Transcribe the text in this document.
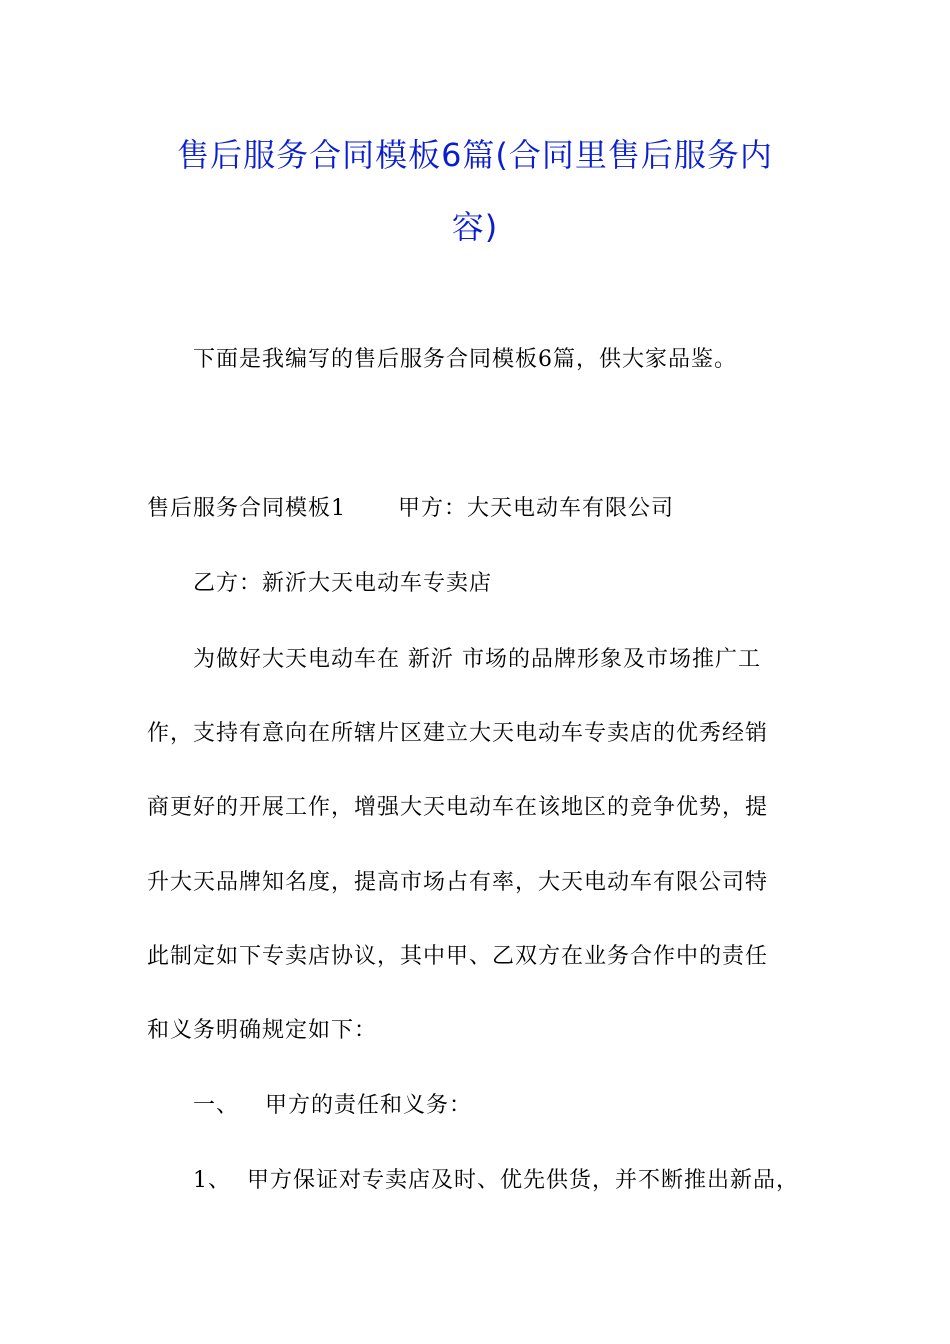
售后服务合同模板6篇(合同里售后服务内
容)

下面是我编写的售后服务合同模板6篇，供大家品鉴。

售后服务合同模板1 甲方：大天电动车有限公司

乙方：新沂大天电动车专卖店

为做好大天电动车在 新沂 市场的品牌形象及市场推广工

作，支持有意向在所辖片区建立大天电动车专卖店的优秀经销

商更好的开展工作，增强大天电动车在该地区的竞争优势，提

升大天品牌知名度，提高市场占有率，大天电动车有限公司特

此制定如下专卖店协议，其中甲、乙双方在业务合作中的责任

和义务明确规定如下：

一、 甲方的责任和义务：

1、 甲方保证对专卖店及时、优先供货，并不断推出新品，
